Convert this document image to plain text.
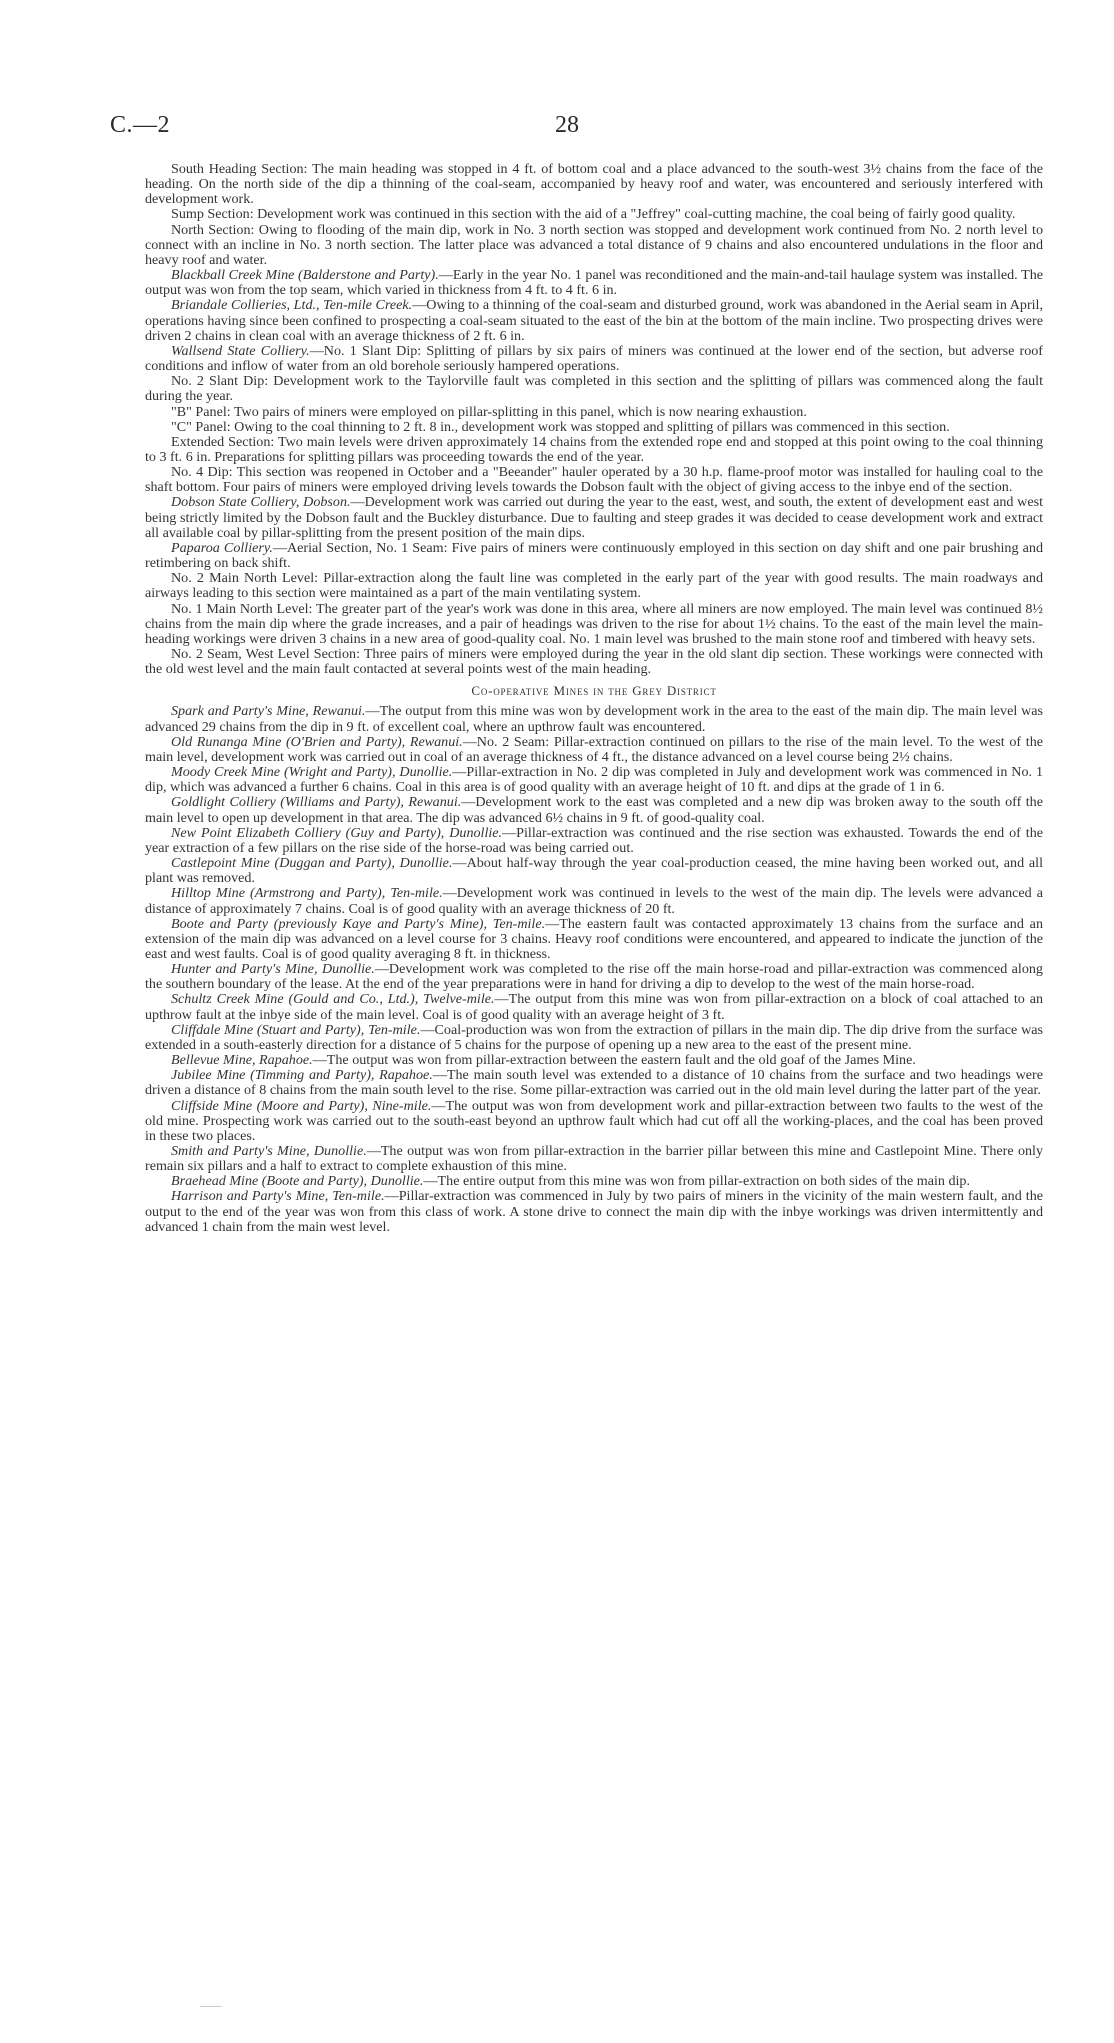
C.—2	28

South Heading Section: The main heading was stopped in 4 ft. of bottom coal and a place advanced to the south-west 3½ chains from the face of the heading. On the north side of the dip a thinning of the coal-seam, accompanied by heavy roof and water, was encountered and seriously interfered with development work.

Sump Section: Development work was continued in this section with the aid of a "Jeffrey" coal-cutting machine, the coal being of fairly good quality.

North Section: Owing to flooding of the main dip, work in No. 3 north section was stopped and development work continued from No. 2 north level to connect with an incline in No. 3 north section. The latter place was advanced a total distance of 9 chains and also encountered undulations in the floor and heavy roof and water.

Blackball Creek Mine (Balderstone and Party).—Early in the year No. 1 panel was reconditioned and the main-and-tail haulage system was installed. The output was won from the top seam, which varied in thickness from 4 ft. to 4 ft. 6 in.

Briandale Collieries, Ltd., Ten-mile Creek.—Owing to a thinning of the coal-seam and disturbed ground, work was abandoned in the Aerial seam in April, operations having since been confined to prospecting a coal-seam situated to the east of the bin at the bottom of the main incline. Two prospecting drives were driven 2 chains in clean coal with an average thickness of 2 ft. 6 in.

Wallsend State Colliery.—No. 1 Slant Dip: Splitting of pillars by six pairs of miners was continued at the lower end of the section, but adverse roof conditions and inflow of water from an old borehole seriously hampered operations.

No. 2 Slant Dip: Development work to the Taylorville fault was completed in this section and the splitting of pillars was commenced along the fault during the year.

"B" Panel: Two pairs of miners were employed on pillar-splitting in this panel, which is now nearing exhaustion.

"C" Panel: Owing to the coal thinning to 2 ft. 8 in., development work was stopped and splitting of pillars was commenced in this section.

Extended Section: Two main levels were driven approximately 14 chains from the extended rope end and stopped at this point owing to the coal thinning to 3 ft. 6 in. Preparations for splitting pillars was proceeding towards the end of the year.

No. 4 Dip: This section was reopened in October and a "Beeander" hauler operated by a 30 h.p. flame-proof motor was installed for hauling coal to the shaft bottom. Four pairs of miners were employed driving levels towards the Dobson fault with the object of giving access to the inbye end of the section.

Dobson State Colliery, Dobson.—Development work was carried out during the year to the east, west, and south, the extent of development east and west being strictly limited by the Dobson fault and the Buckley disturbance. Due to faulting and steep grades it was decided to cease development work and extract all available coal by pillar-splitting from the present position of the main dips.

Paparoa Colliery.—Aerial Section, No. 1 Seam: Five pairs of miners were continuously employed in this section on day shift and one pair brushing and retimbering on back shift.

No. 2 Main North Level: Pillar-extraction along the fault line was completed in the early part of the year with good results. The main roadways and airways leading to this section were maintained as a part of the main ventilating system.

No. 1 Main North Level: The greater part of the year's work was done in this area, where all miners are now employed. The main level was continued 8½ chains from the main dip where the grade increases, and a pair of headings was driven to the rise for about 1½ chains. To the east of the main level the main-heading workings were driven 3 chains in a new area of good-quality coal. No. 1 main level was brushed to the main stone roof and timbered with heavy sets.

No. 2 Seam, West Level Section: Three pairs of miners were employed during the year in the old slant dip section. These workings were connected with the old west level and the main fault contacted at several points west of the main heading.

Co-operative Mines in the Grey District

Spark and Party's Mine, Rewanui.—The output from this mine was won by development work in the area to the east of the main dip. The main level was advanced 29 chains from the dip in 9 ft. of excellent coal, where an upthrow fault was encountered.

Old Runanga Mine (O'Brien and Party), Rewanui.—No. 2 Seam: Pillar-extraction continued on pillars to the rise of the main level. To the west of the main level, development work was carried out in coal of an average thickness of 4 ft., the distance advanced on a level course being 2½ chains.

Moody Creek Mine (Wright and Party), Dunollie.—Pillar-extraction in No. 2 dip was completed in July and development work was commenced in No. 1 dip, which was advanced a further 6 chains. Coal in this area is of good quality with an average height of 10 ft. and dips at the grade of 1 in 6.

Goldlight Colliery (Williams and Party), Rewanui.—Development work to the east was completed and a new dip was broken away to the south off the main level to open up development in that area. The dip was advanced 6½ chains in 9 ft. of good-quality coal.

New Point Elizabeth Colliery (Guy and Party), Dunollie.—Pillar-extraction was continued and the rise section was exhausted. Towards the end of the year extraction of a few pillars on the rise side of the horse-road was being carried out.

Castlepoint Mine (Duggan and Party), Dunollie.—About half-way through the year coal-production ceased, the mine having been worked out, and all plant was removed.

Hilltop Mine (Armstrong and Party), Ten-mile.—Development work was continued in levels to the west of the main dip. The levels were advanced a distance of approximately 7 chains. Coal is of good quality with an average thickness of 20 ft.

Boote and Party (previously Kaye and Party's Mine), Ten-mile.—The eastern fault was contacted approximately 13 chains from the surface and an extension of the main dip was advanced on a level course for 3 chains. Heavy roof conditions were encountered, and appeared to indicate the junction of the east and west faults. Coal is of good quality averaging 8 ft. in thickness.

Hunter and Party's Mine, Dunollie.—Development work was completed to the rise off the main horse-road and pillar-extraction was commenced along the southern boundary of the lease. At the end of the year preparations were in hand for driving a dip to develop to the west of the main horse-road.

Schultz Creek Mine (Gould and Co., Ltd.), Twelve-mile.—The output from this mine was won from pillar-extraction on a block of coal attached to an upthrow fault at the inbye side of the main level. Coal is of good quality with an average height of 3 ft.

Cliffdale Mine (Stuart and Party), Ten-mile.—Coal-production was won from the extraction of pillars in the main dip. The dip drive from the surface was extended in a south-easterly direction for a distance of 5 chains for the purpose of opening up a new area to the east of the present mine.

Bellevue Mine, Rapahoe.—The output was won from pillar-extraction between the eastern fault and the old goaf of the James Mine.

Jubilee Mine (Timming and Party), Rapahoe.—The main south level was extended to a distance of 10 chains from the surface and two headings were driven a distance of 8 chains from the main south level to the rise. Some pillar-extraction was carried out in the old main level during the latter part of the year.

Cliffside Mine (Moore and Party), Nine-mile.—The output was won from development work and pillar-extraction between two faults to the west of the old mine. Prospecting work was carried out to the south-east beyond an upthrow fault which had cut off all the working-places, and the coal has been proved in these two places.

Smith and Party's Mine, Dunollie.—The output was won from pillar-extraction in the barrier pillar between this mine and Castlepoint Mine. There only remain six pillars and a half to extract to complete exhaustion of this mine.

Braehead Mine (Boote and Party), Dunollie.—The entire output from this mine was won from pillar-extraction on both sides of the main dip.

Harrison and Party's Mine, Ten-mile.—Pillar-extraction was commenced in July by two pairs of miners in the vicinity of the main western fault, and the output to the end of the year was won from this class of work. A stone drive to connect the main dip with the inbye workings was driven intermittently and advanced 1 chain from the main west level.
